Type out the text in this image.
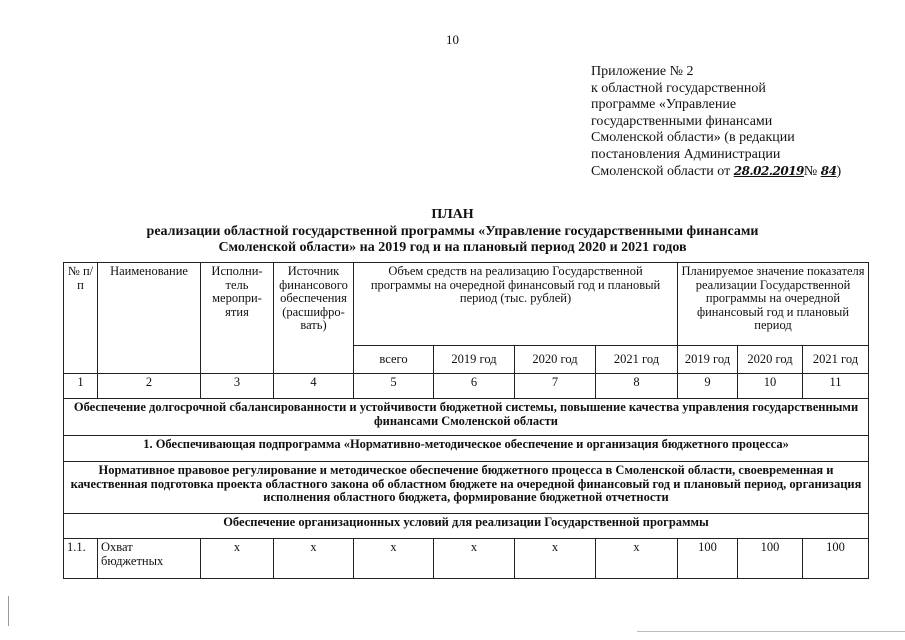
10
Приложение № 2
к областной государственной
программе «Управление
государственными финансами
Смоленской области» (в редакции
постановления Администрации
Смоленской области от 28.02.2019№ 84)
ПЛАН
реализации областной государственной программы «Управление государственными финансами
Смоленской области» на 2019 год и на плановый период 2020 и 2021 годов
№ п/п	Наименование	Исполни-тель меропри-ятия	Источник финансового обеспечения (расшифро-вать)	Объем средств на реализацию Государственной программы на очередной финансовый год и плановый период (тыс. рублей)				Планируемое значение показателя реализации Государственной программы на очередной финансовый год и плановый период		
				всего	2019 год	2020 год	2021 год	2019 год	2020 год	2021 год
1	2	3	4	5	6	7	8	9	10	11
Обеспечение долгосрочной сбалансированности и устойчивости бюджетной системы, повышение качества управления государственными финансами Смоленской области										
1. Обеспечивающая подпрограмма «Нормативно-методическое обеспечение и организация бюджетного процесса»										
Нормативное правовое регулирование и методическое обеспечение бюджетного процесса в Смоленской области, своевременная и качественная подготовка проекта областного закона об областном бюджете на очередной финансовый год и плановый период, организация исполнения областного бюджета, формирование бюджетной отчетности										
Обеспечение организационных условий для реализации Государственной программы										
1.1.	Охват бюджетных	х	х	х	х	х	х	100	100	100
